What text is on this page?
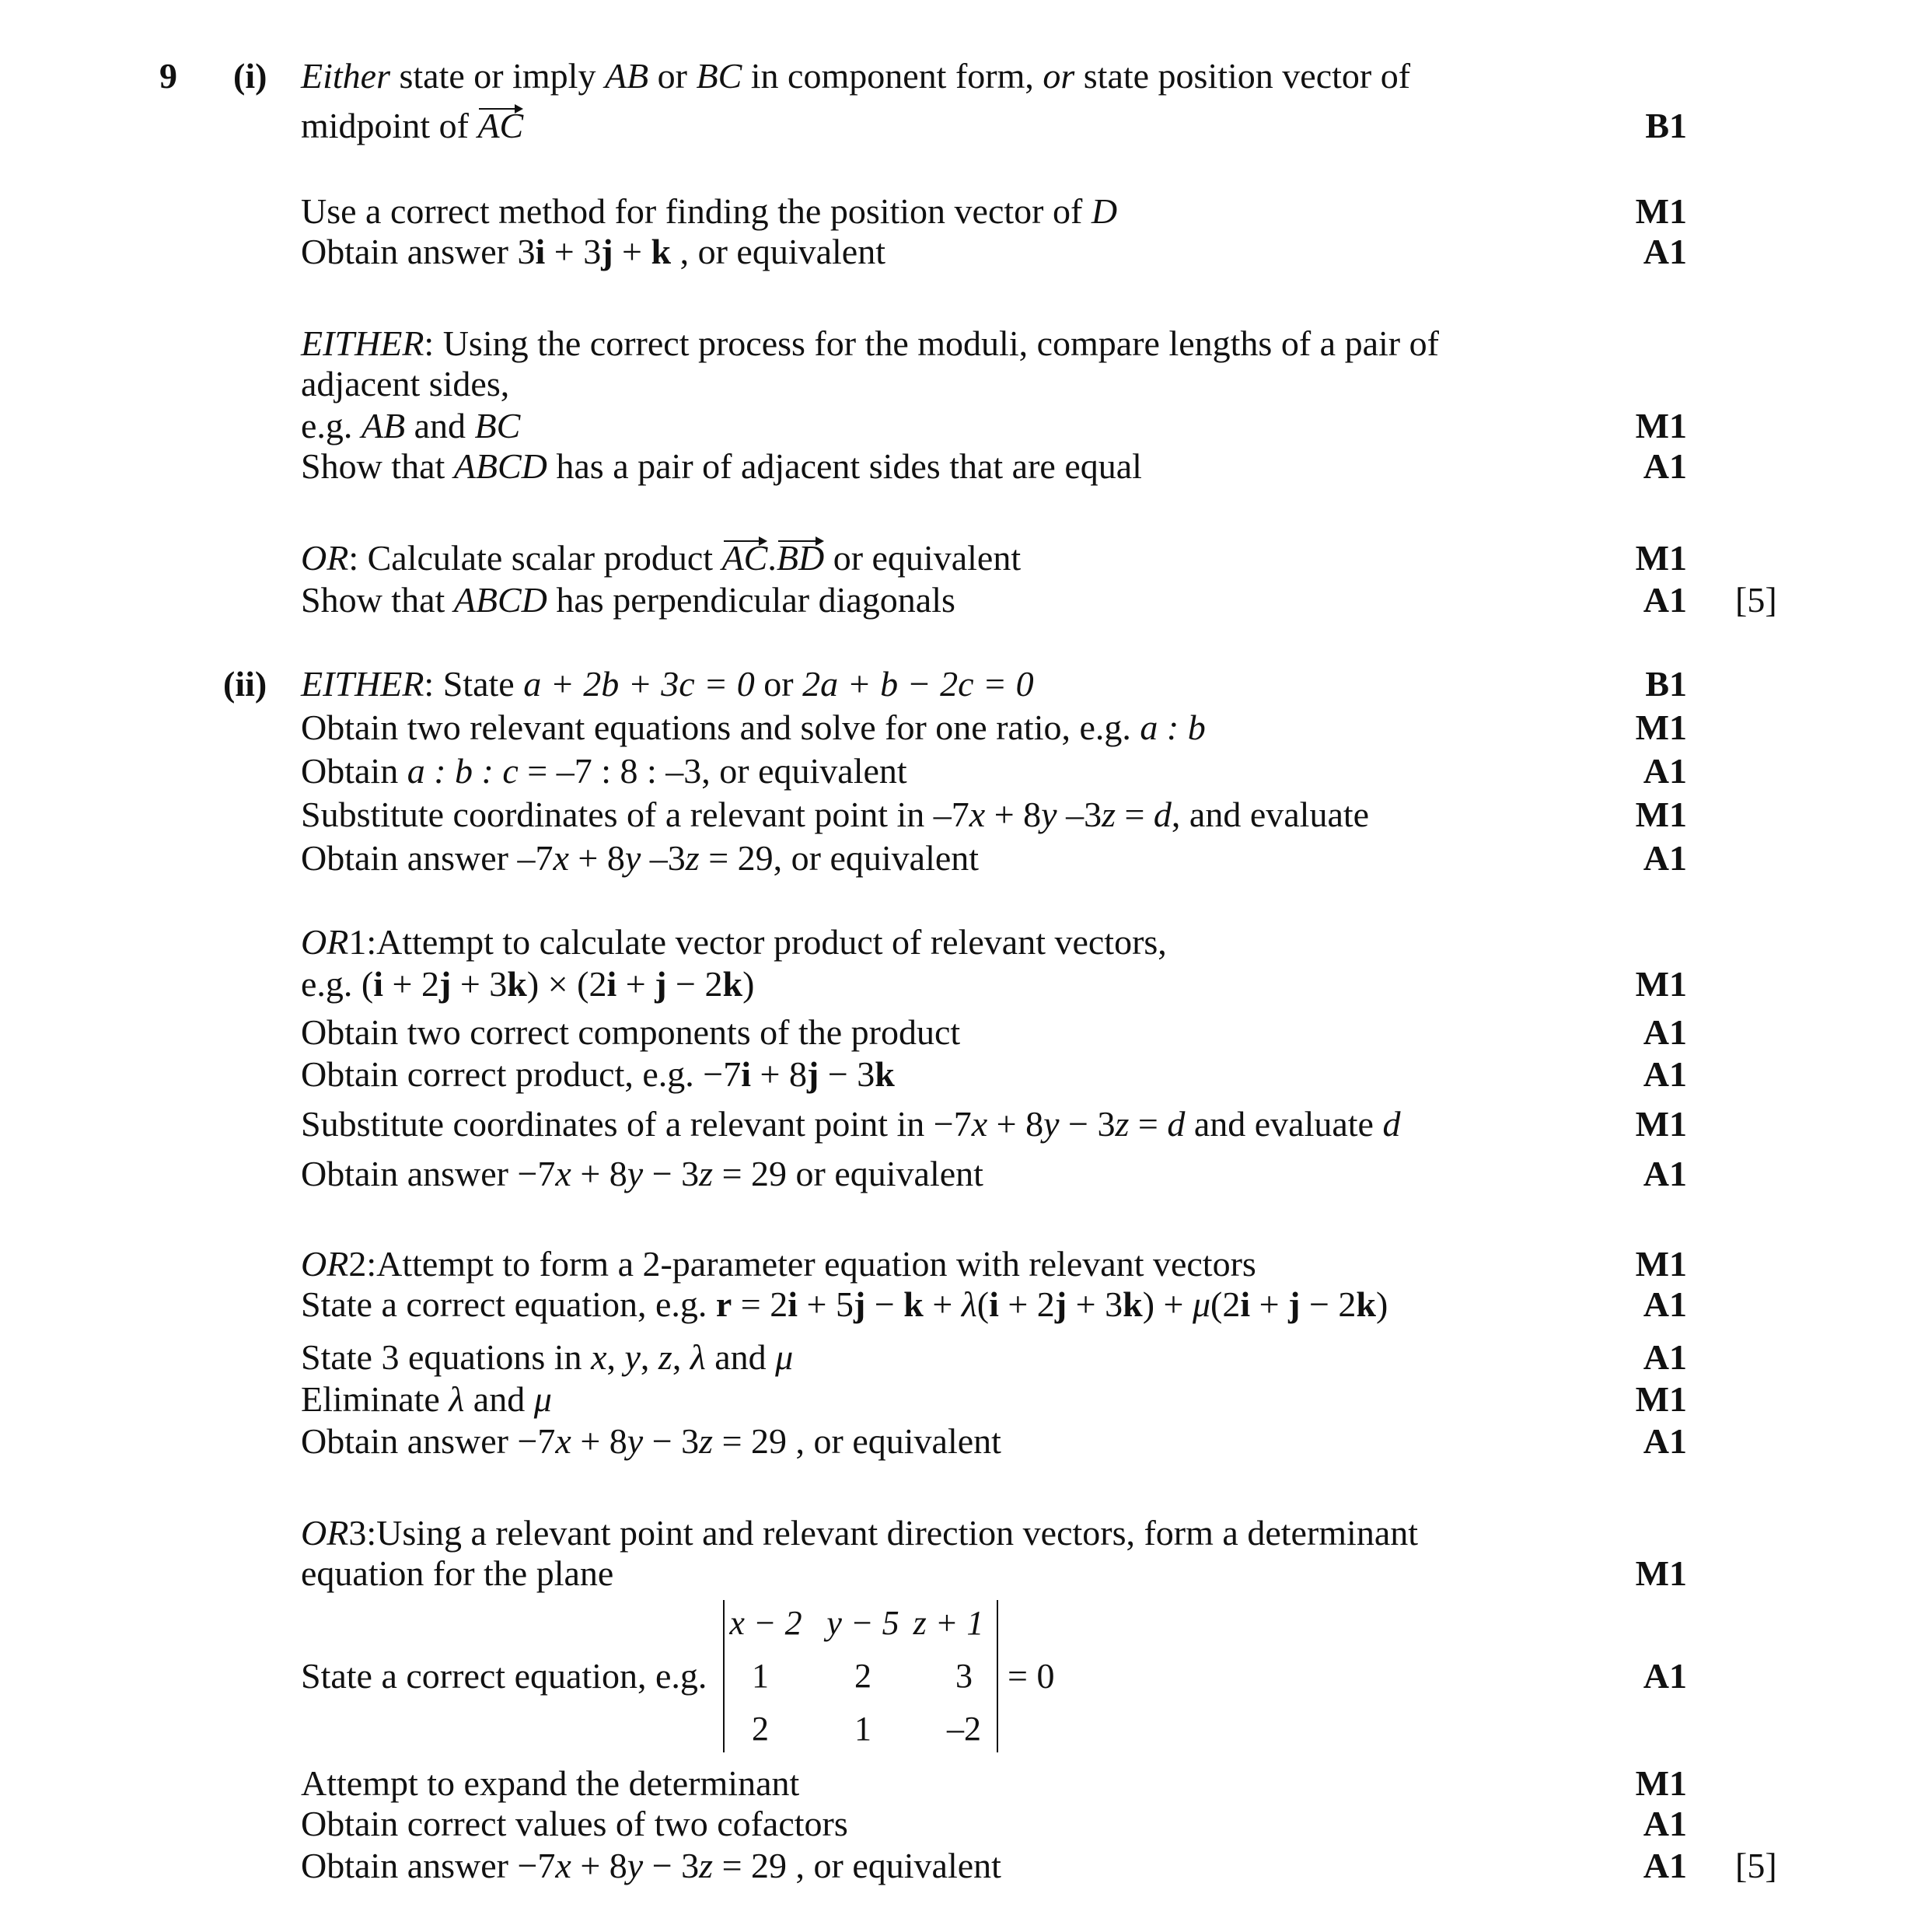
9 (i)
(ii)
Either state or imply AB or BC in component form, or state position vector of
midpoint of AC	B1
Use a correct method for finding the position vector of D	M1
Obtain answer 3i + 3j + k , or equivalent	A1
EITHER: Using the correct process for the moduli, compare lengths of a pair of
adjacent sides,
e.g. AB and BC	M1
Show that ABCD has a pair of adjacent sides that are equal	A1
OR: Calculate scalar product AC.BD or equivalent	M1
Show that ABCD has perpendicular diagonals	A1 [5]
EITHER: State a + 2b + 3c = 0 or 2a + b − 2c = 0	B1
Obtain two relevant equations and solve for one ratio, e.g. a : b	M1
Obtain a : b : c = –7 : 8 : –3, or equivalent	A1
Substitute coordinates of a relevant point in –7x + 8y –3z = d, and evaluate	M1
Obtain answer –7x + 8y –3z = 29, or equivalent	A1
OR1:Attempt to calculate vector product of relevant vectors,
e.g. (i + 2j + 3k) × (2i + j − 2k)	M1
Obtain two correct components of the product	A1
Obtain correct product, e.g. −7i + 8j − 3k	A1
Substitute coordinates of a relevant point in −7x + 8y − 3z = d and evaluate d	M1
Obtain answer −7x + 8y − 3z = 29 or equivalent	A1
OR2:Attempt to form a 2-parameter equation with relevant vectors	M1
State a correct equation, e.g. r = 2i + 5j − k + λ(i + 2j + 3k) + μ(2i + j − 2k)	A1
State 3 equations in x, y, z, λ and μ	A1
Eliminate λ and μ	M1
Obtain answer −7x + 8y − 3z = 29 , or equivalent	A1
OR3:Using a relevant point and relevant direction vectors, form a determinant
equation for the plane	M1
State a correct equation, e.g.	A1
x − 2 y − 5 z + 1
1	2	3
2	1	–2
= 0
Attempt to expand the determinant	M1
Obtain correct values of two cofactors	A1
Obtain answer −7x + 8y − 3z = 29 , or equivalent	A1 [5]
